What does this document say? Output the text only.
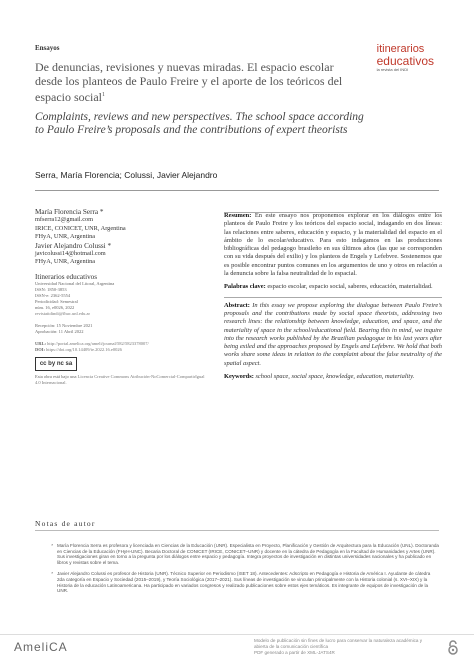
Ensayos	itinerarios
educativos
la revista del INDI
De denuncias, revisiones y nuevas miradas. El espacio escolar desde los planteos de Paulo Freire y el aporte de los teóricos del espacio social$^1$
Complaints, reviews and new perspectives. The school space according to Paulo Freire’s proposals and the contributions of expert theorists
Serra, María Florencia; Colussi, Javier Alejandro
María Florencia Serra *
mfserra12@gmail.com
IRICE, CONICET, UNR, Argentina
FHyA, UNR, Argentina
Javier Alejandro Colussi *
javicolussi14@hotmail.com
FHyA, UNR, Argentina
Itinerarios educativos
Universidad Nacional del Litoral, Argentina
ISSN: 1850-3853
ISSN-e: 2362-5554
Periodicidad: Semestral
núm. 16, e0026, 2022
revistaitdindi@fhuc.unl.edu.ar
Recepción: 15 Noviembre 2021
Aprobación: 11 Abril 2022
URL: http://portal.amelica.org/ameli/journal/582/5823378007/
DOI: https://doi.org/10.14409/ie.2022.16.e0026
cc by nc sa
Esta obra está bajo una Licencia Creative Commons Atribución-NoComercial-CompartirIgual 4.0 Internacional.

Resumen: En este ensayo nos proponemos explorar en los diálogos entre los planteos de Paulo Freire y los teóricos del espacio social, indagando en dos líneas: las relaciones entre saberes, educación y espacio, y la materialidad del espacio en el ámbito de lo escolar/educativo. Para esto indagamos en las producciones bibliográficas del pedagogo brasileño en sus últimos años (las que se corresponden con su vida después del exilio) y los planteos de Engels y Lefebvre. Sostenemos que es posible encontrar puntos comunes en los argumentos de uno y otros en relación a la denuncia sobre la falsa neutralidad de lo espacial.

Palabras clave: espacio escolar, espacio social, saberes, educación, materialidad.

Abstract: In this essay we propose exploring the dialogue between Paulo Freire’s proposals and the contributions made by social space theorists, addressing two research lines: the relationship between knowledge, education, and space, and the materiality of space in the school/educational field. Bearing this in mind, we inquire into the research works published by the Brazilian pedagogue in his last years after being exiled and the approaches proposed by Engels and Lefebvre. We hold that both works share some ideas in relation to the complaint about the false neutrality of the spatial aspect.

Keywords: school space, social space, knowledge, education, materiality.

Notas de autor
* María Florencia Serra es profesora y licenciada en Ciencias de la Educación (UNR). Especialista en Proyecto, Planificación y Gestión de Arquitectura para la Educación (UNL). Doctoranda en Ciencias de la Educación (FHyH-UNC). Becaria Doctoral de CONICET (IRICE, CONICET–UNR) y docente en la cátedra de Pedagogía en la Facultad de Humanidades y Artes (UNR). Sus investigaciones giran en torno a la pregunta por los diálogos entre espacio y pedagogía. Integra proyectos de investigación en distintas universidades nacionales y ha publicado en libros y revistas sobre el tema.
* Javier Alejandro Colussi es profesor de Historia (UNR). Técnico Superior en Periodismo (ISET 18). Antecedentes: Adscripto en Pedagogía e Historia de América I. Ayudante de cátedra 2da categoría en Espacio y Sociedad (2015–2019), y Teoría Sociológica (2017–2021). Sus líneas de investigación se vinculan principalmente con la Historia colonial (s. XVI–XIX) y la Historia de la educación Latinoamericana. Ha participado en variados congresos y realizado publicaciones sobre estos ejes temáticos. Es integrante de equipos de investigación de la UNR.
AmeliCA	Modelo de publicación sin fines de lucro para conservar la naturaleza académica y abierta de la comunicación científica
PDF generado a partir de XML-JATS4R
